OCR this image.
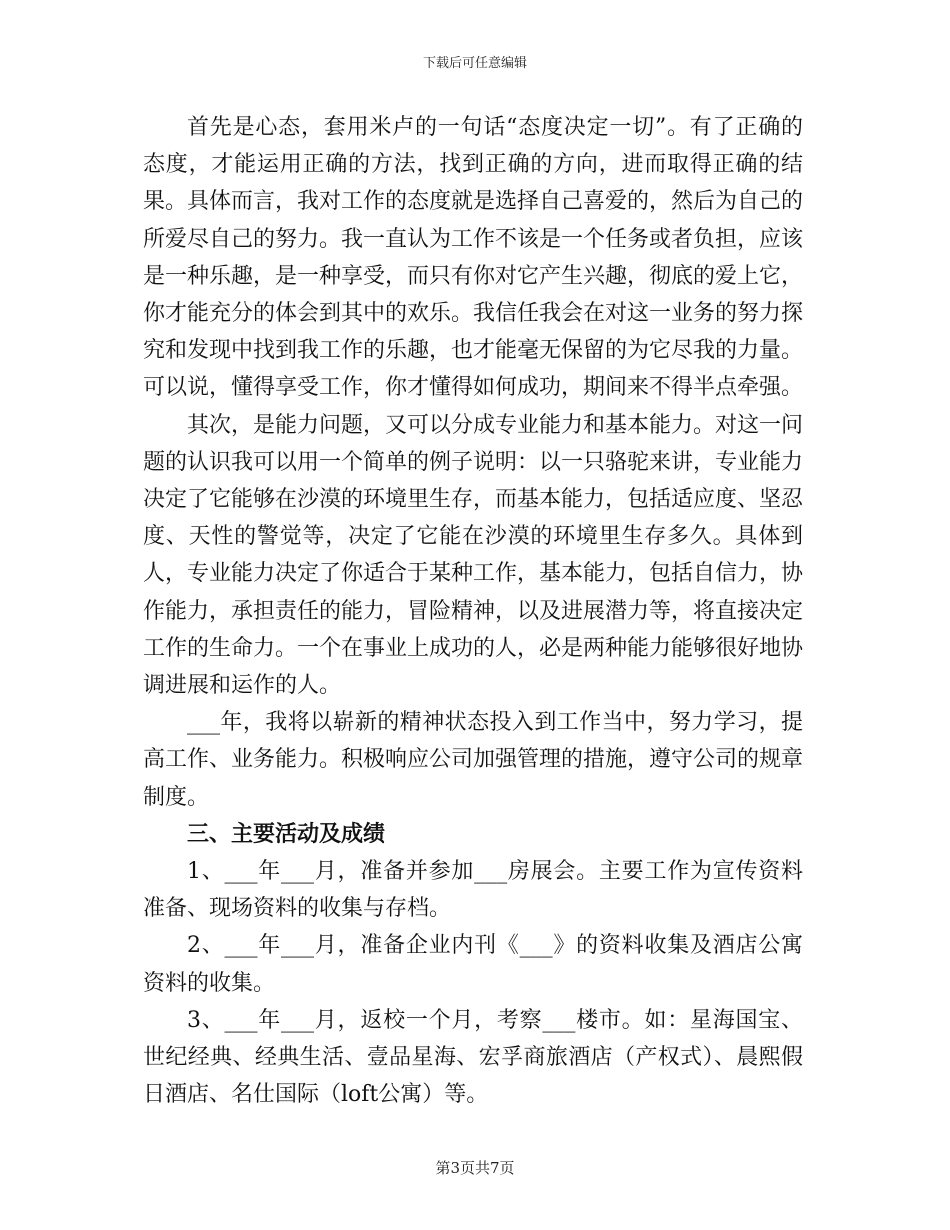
下载后可任意编辑

首先是心态，套用米卢的一句话“态度决定一切”。有了正确的态度，才能运用正确的方法，找到正确的方向，进而取得正确的结果。具体而言，我对工作的态度就是选择自己喜爱的，然后为自己的所爱尽自己的努力。我一直认为工作不该是一个任务或者负担，应该是一种乐趣，是一种享受，而只有你对它产生兴趣，彻底的爱上它，你才能充分的体会到其中的欢乐。我信任我会在对这一业务的努力探究和发现中找到我工作的乐趣，也才能毫无保留的为它尽我的力量。可以说，懂得享受工作，你才懂得如何成功，期间来不得半点牵强。

其次，是能力问题，又可以分成专业能力和基本能力。对这一问题的认识我可以用一个简单的例子说明：以一只骆驼来讲，专业能力决定了它能够在沙漠的环境里生存，而基本能力，包括适应度、坚忍度、天性的警觉等，决定了它能在沙漠的环境里生存多久。具体到人，专业能力决定了你适合于某种工作，基本能力，包括自信力，协作能力，承担责任的能力，冒险精神，以及进展潜力等，将直接决定工作的生命力。一个在事业上成功的人，必是两种能力能够很好地协调进展和运作的人。

___年，我将以崭新的精神状态投入到工作当中，努力学习，提高工作、业务能力。积极响应公司加强管理的措施，遵守公司的规章制度。

三、主要活动及成绩

1、___年___月，准备并参加___房展会。主要工作为宣传资料准备、现场资料的收集与存档。

2、___年___月，准备企业内刊《___》的资料收集及酒店公寓资料的收集。

3、___年___月，返校一个月，考察___楼市。如：星海国宝、世纪经典、经典生活、壹品星海、宏孚商旅酒店（产权式）、晨熙假日酒店、名仕国际（loft公寓）等。

第3页共7页
